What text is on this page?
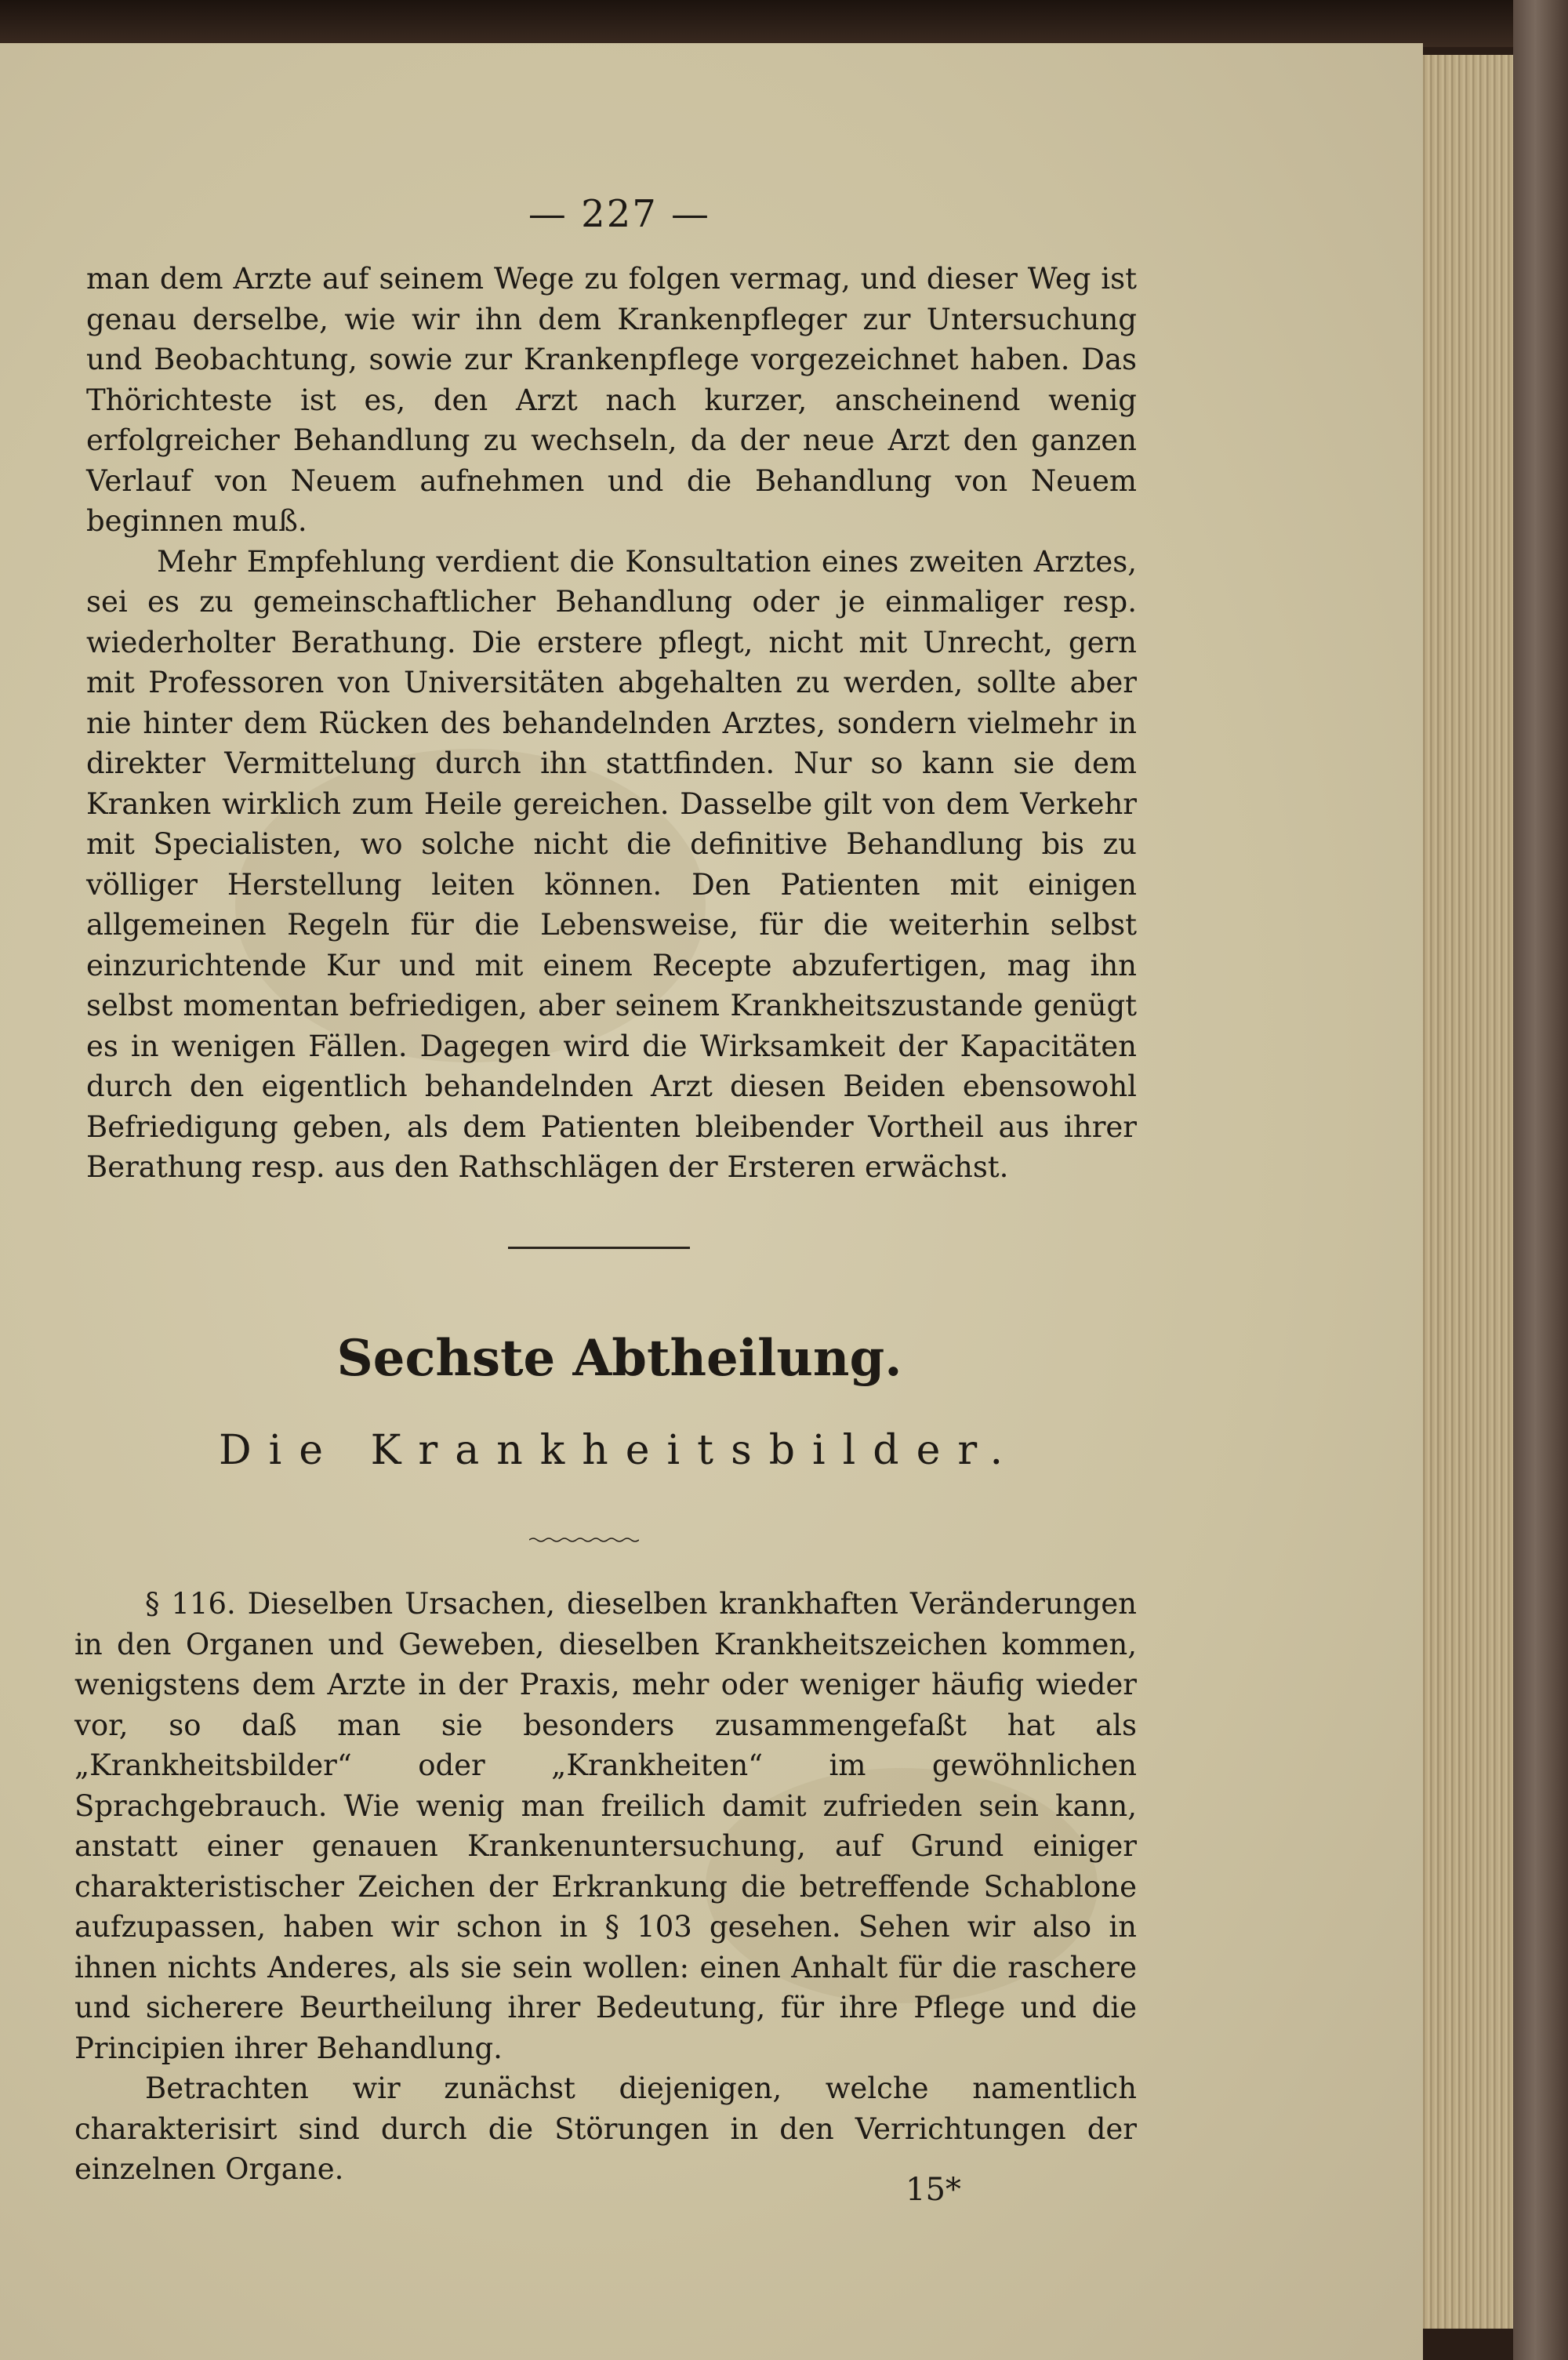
— 227 —

man dem Arzte auf seinem Wege zu folgen vermag, und dieser Weg ist genau derselbe, wie wir ihn dem Krankenpfleger zur Untersuchung und Beobachtung, sowie zur Krankenpflege vorgezeichnet haben. Das Thörichteste ist es, den Arzt nach kurzer, anscheinend wenig erfolgreicher Behandlung zu wechseln, da der neue Arzt den ganzen Verlauf von Neuem aufnehmen und die Behandlung von Neuem beginnen muß.

Mehr Empfehlung verdient die Konsultation eines zweiten Arztes, sei es zu gemeinschaftlicher Behandlung oder je einmaliger resp. wiederholter Berathung. Die erstere pflegt, nicht mit Unrecht, gern mit Professoren von Universitäten abgehalten zu werden, sollte aber nie hinter dem Rücken des behandelnden Arztes, sondern vielmehr in direkter Vermittelung durch ihn stattfinden. Nur so kann sie dem Kranken wirklich zum Heile gereichen. Dasselbe gilt von dem Verkehr mit Specialisten, wo solche nicht die definitive Behandlung bis zu völliger Herstellung leiten können. Den Patienten mit einigen allgemeinen Regeln für die Lebensweise, für die weiterhin selbst einzurichtende Kur und mit einem Recepte abzufertigen, mag ihn selbst momentan befriedigen, aber seinem Krankheitszustande genügt es in wenigen Fällen. Dagegen wird die Wirksamkeit der Kapacitäten durch den eigentlich behandelnden Arzt diesen Beiden ebensowohl Befriedigung geben, als dem Patienten bleibender Vortheil aus ihrer Berathung resp. aus den Rathschlägen der Ersteren erwächst.

Sechste Abtheilung.
Die Krankheitsbilder.

§ 116. Dieselben Ursachen, dieselben krankhaften Veränderungen in den Organen und Geweben, dieselben Krankheitszeichen kommen, wenigstens dem Arzte in der Praxis, mehr oder weniger häufig wieder vor, so daß man sie besonders zusammengefaßt hat als „Krankheitsbilder“ oder „Krankheiten“ im gewöhnlichen Sprachgebrauch. Wie wenig man freilich damit zufrieden sein kann, anstatt einer genauen Krankenuntersuchung, auf Grund einiger charakteristischer Zeichen der Erkrankung die betreffende Schablone aufzupassen, haben wir schon in § 103 gesehen. Sehen wir also in ihnen nichts Anderes, als sie sein wollen: einen Anhalt für die raschere und sicherere Beurtheilung ihrer Bedeutung, für ihre Pflege und die Principien ihrer Behandlung.

Betrachten wir zunächst diejenigen, welche namentlich charakterisirt sind durch die Störungen in den Verrichtungen der einzelnen Organe.

15*
